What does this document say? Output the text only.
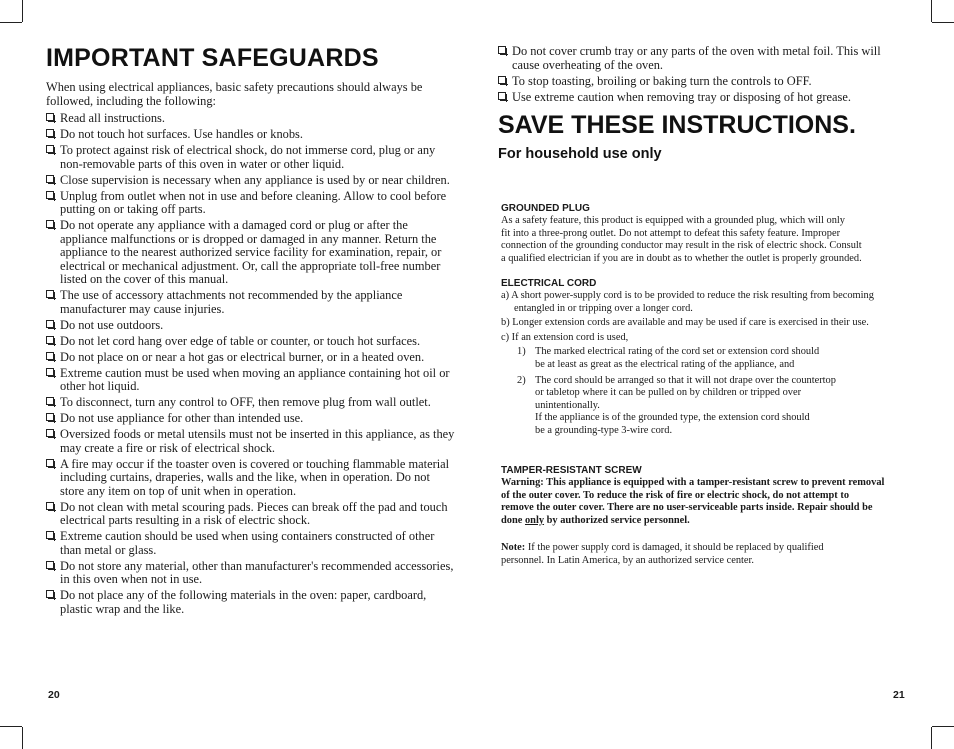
IMPORTANT SAFEGUARDS

When using electrical appliances, basic safety precautions should always be followed, including the following:

Read all instructions.
Do not touch hot surfaces. Use handles or knobs.
To protect against risk of electrical shock, do not immerse cord, plug or any non-removable parts of this oven in water or other liquid.
Close supervision is necessary when any appliance is used by or near children.
Unplug from outlet when not in use and before cleaning. Allow to cool before putting on or taking off parts.
Do not operate any appliance with a damaged cord or plug or after the appliance malfunctions or is dropped or damaged in any manner. Return the appliance to the nearest authorized service facility for examination, repair, or electrical or mechanical adjustment. Or, call the appropriate toll-free number listed on the cover of this manual.
The use of accessory attachments not recommended by the appliance manufacturer may cause injuries.
Do not use outdoors.
Do not let cord hang over edge of table or counter, or touch hot surfaces.
Do not place on or near a hot gas or electrical burner, or in a heated oven.
Extreme caution must be used when moving an appliance containing hot oil or other hot liquid.
To disconnect, turn any control to OFF, then remove plug from wall outlet.
Do not use appliance for other than intended use.
Oversized foods or metal utensils must not be inserted in this appliance, as they may create a fire or risk of electrical shock.
A fire may occur if the toaster oven is covered or touching flammable material including curtains, draperies, walls and the like, when in operation. Do not store any item on top of unit when in operation.
Do not clean with metal scouring pads. Pieces can break off the pad and touch electrical parts resulting in a risk of electric shock.
Extreme caution should be used when using containers constructed of other than metal or glass.
Do not store any material, other than manufacturer's recommended accessories, in this oven when not in use.
Do not place any of the following materials in the oven: paper, cardboard, plastic wrap and the like.
20
Do not cover crumb tray or any parts of the oven with metal foil. This will cause overheating of the oven.
To stop toasting, broiling or baking turn the controls to OFF.
Use extreme caution when removing tray or disposing of hot grease.
SAVE THESE INSTRUCTIONS.
For household use only
GROUNDED PLUG

As a safety feature, this product is equipped with a grounded plug, which will only

fit into a three-prong outlet. Do not attempt to defeat this safety feature. Improper

connection of the grounding conductor may result in the risk of electric shock. Consult

a qualified electrician if you are in doubt as to whether the outlet is properly grounded.

ELECTRICAL CORD

a) A short power-supply cord is to be provided to reduce the risk resulting from becoming entangled in or tripping over a longer cord.

b) Longer extension cords are available and may be used if care is exercised in their use.

c) If an extension cord is used,

1) The marked electrical rating of the cord set or extension cord should
be at least as great as the electrical rating of the appliance, and
2) The cord should be arranged so that it will not drape over the countertop
or tabletop where it can be pulled on by children or tripped over
unintentionally.
If the appliance is of the grounded type, the extension cord should
be a grounding-type 3-wire cord.
TAMPER-RESISTANT SCREW

Warning: This appliance is equipped with a tamper-resistant screw to prevent removal

of the outer cover. To reduce the risk of fire or electric shock, do not attempt to

remove the outer cover. There are no user-serviceable parts inside. Repair should be

done only by authorized service personnel.

Note: If the power supply cord is damaged, it should be replaced by qualified

personnel. In Latin America, by an authorized service center.

21
